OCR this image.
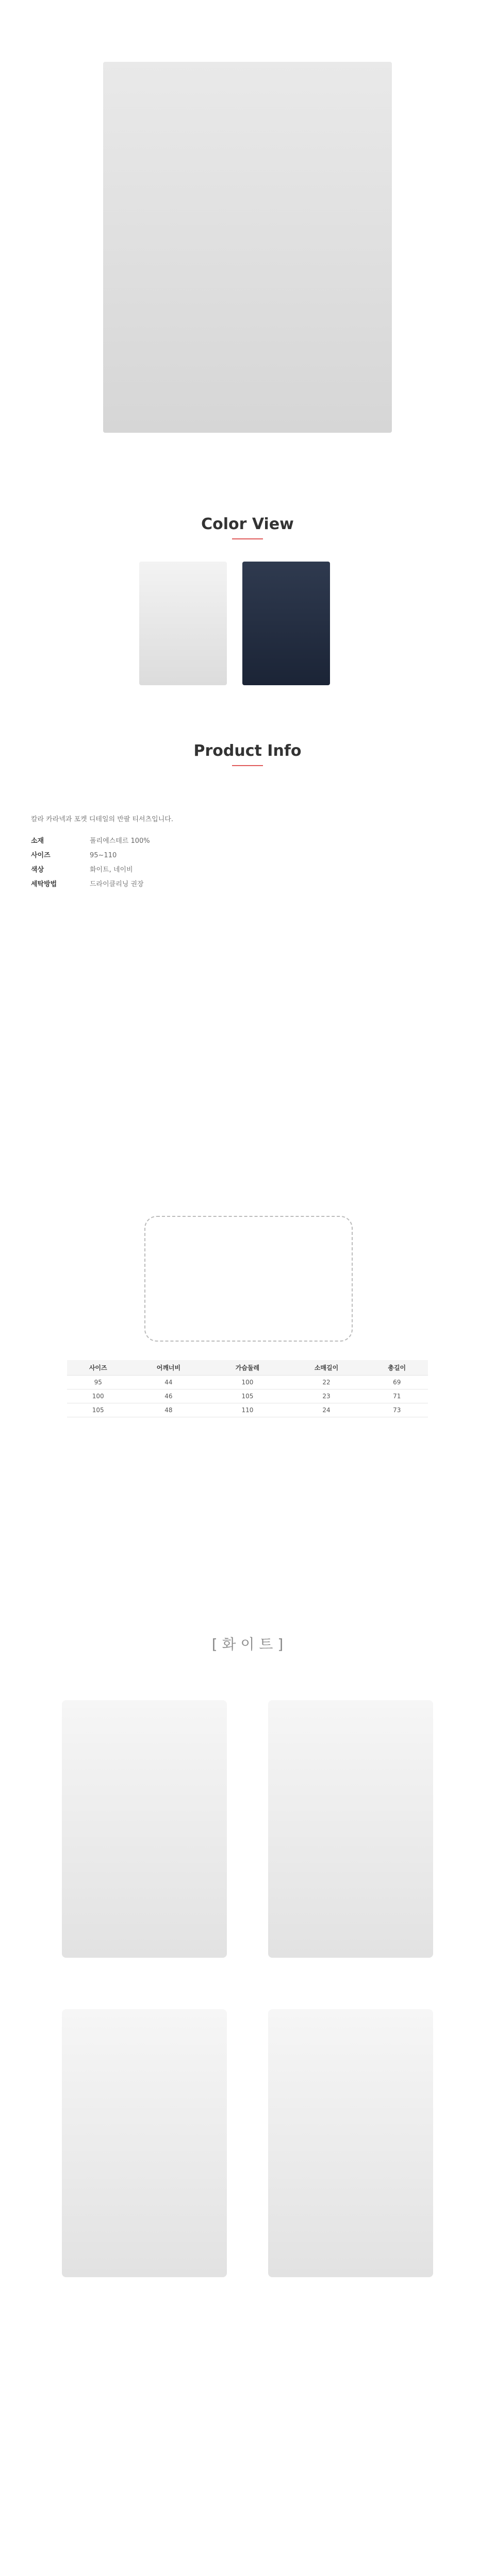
Color View
Product Info
칼라 카라넥과 포켓 디테일의 반팔 티셔츠입니다.
소재	폴리에스테르 100%
사이즈	95~110
색상	화이트, 네이비
세탁방법	드라이클리닝 권장
사이즈	어깨너비	가슴둘레	소매길이	총길이
95	44	100	22	69
100	46	105	23	71
105	48	110	24	73
[ 화 이 트 ]
